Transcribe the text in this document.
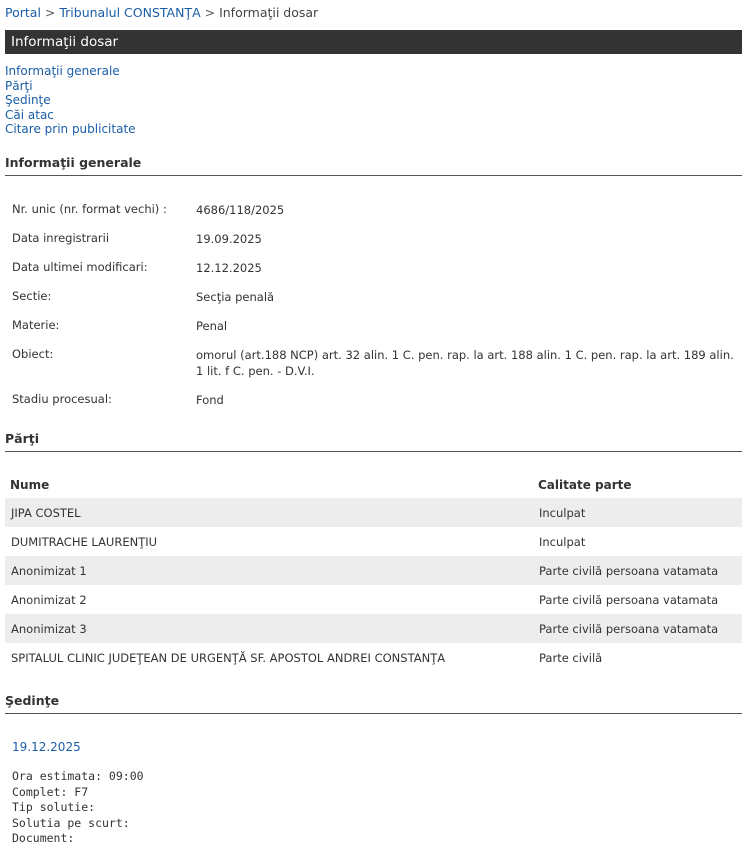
Portal > Tribunalul CONSTANŢA > Informaţii dosar
Informaţii dosar
Informaţii generale
Părţi
Şedinţe
Căi atac
Citare prin publicitate
Informaţii generale
Nr. unic (nr. format vechi) :	4686/118/2025
Data inregistrarii	19.09.2025
Data ultimei modificari:	12.12.2025
Sectie:	Secţia penală
Materie:	Penal
Obiect:	omorul (art.188 NCP) art. 32 alin. 1 C. pen. rap. la art. 188 alin. 1 C. pen. rap. la art. 189 alin. 1 lit. f C. pen. - D.V.I.
Stadiu procesual:	Fond
Părţi
Nume	Calitate parte
JIPA COSTEL	Inculpat
DUMITRACHE LAURENŢIU	Inculpat
Anonimizat 1	Parte civilă persoana vatamata
Anonimizat 2	Parte civilă persoana vatamata
Anonimizat 3	Parte civilă persoana vatamata
SPITALUL CLINIC JUDEŢEAN DE URGENŢĂ SF. APOSTOL ANDREI CONSTANŢA	Parte civilă
Şedinţe
19.12.2025
Ora estimata: 09:00
Complet: F7
Tip solutie:
Solutia pe scurt:
Document:
